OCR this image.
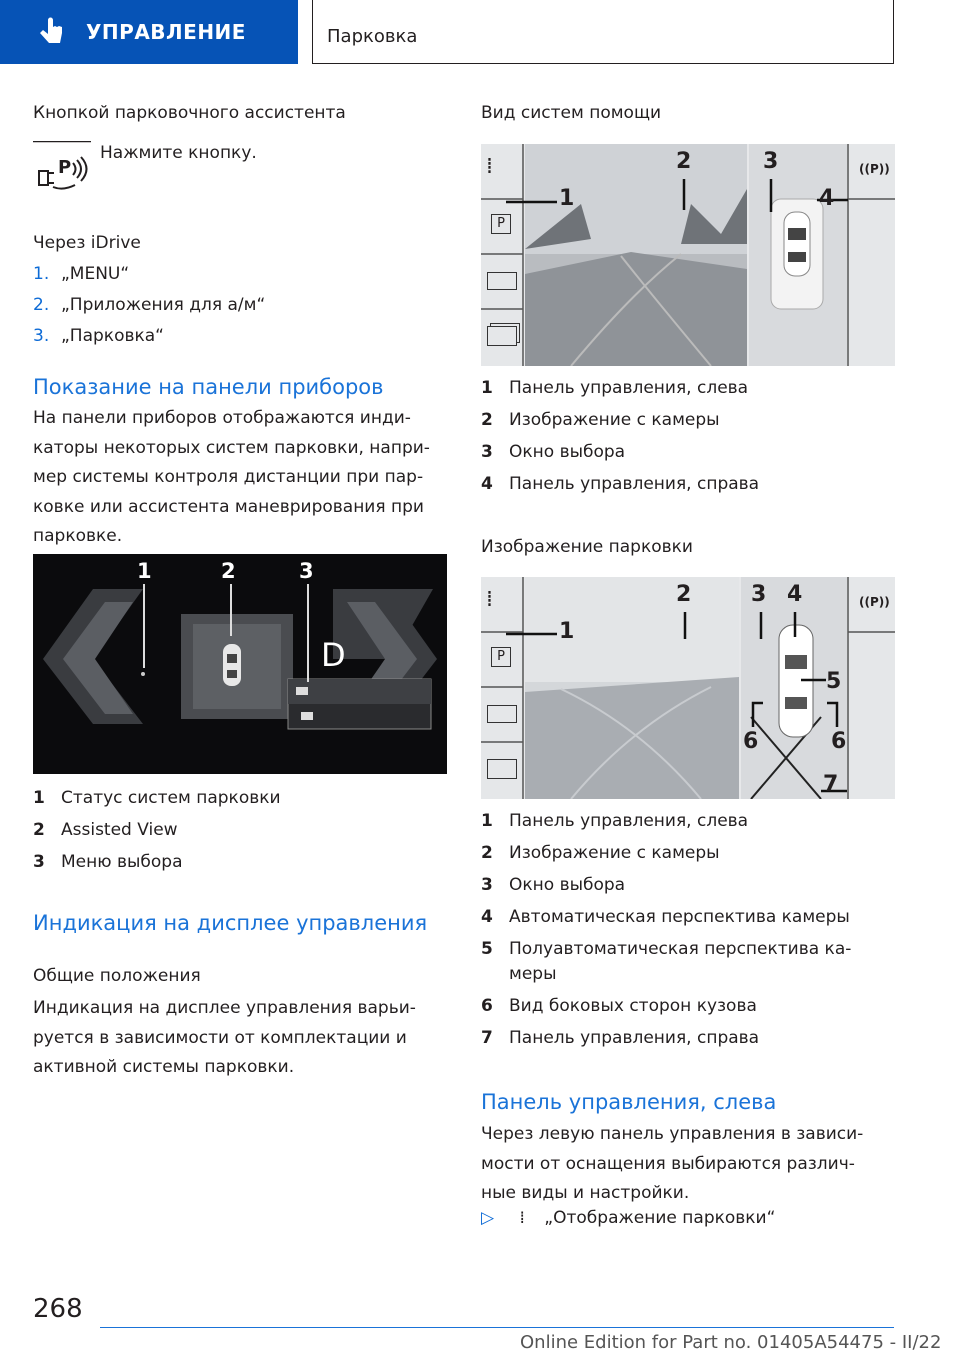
УПРАВЛЕНИЕ	Парковка
Кнопкой парковочного ассистента
P
Нажмите кнопку.
Через iDrive
1. „MENU“
2. „Приложения для а/м“
3. „Парковка“
Показание на панели приборов
На панели приборов отображаются инди-
каторы некоторых систем парковки, напри-
мер системы контроля дистанции при пар-
ковке или ассистента маневрирования при
парковке.
1	2	3
D
1 Статус систем парковки
2 Assisted View
3 Меню выбора
Индикация на дисплее управления
Общие положения
Индикация на дисплее управления варьи-
руется в зависимости от комплектации и
активной системы парковки.
Вид систем помощи
⁞
P
((P))
1
2	3
4
1 Панель управления, слева
2 Изображение с камеры
3 Окно выбора
4 Панель управления, справа
Изображение парковки
⁞
P
((P))
1
2	3 4
5
6	6
7
1 Панель управления, слева
2 Изображение с камеры
3 Окно выбора
4 Автоматическая перспектива камеры
5 Полуавтоматическая перспектива ка-
меры
6 Вид боковых сторон кузова
7 Панель управления, справа
Панель управления, слева
Через левую панель управления в зависи-
мости от оснащения выбираются различ-
ные виды и настройки.
▷ ⁞ „Отображение парковки“
268
Online Edition for Part no. 01405A54475 - II/22
